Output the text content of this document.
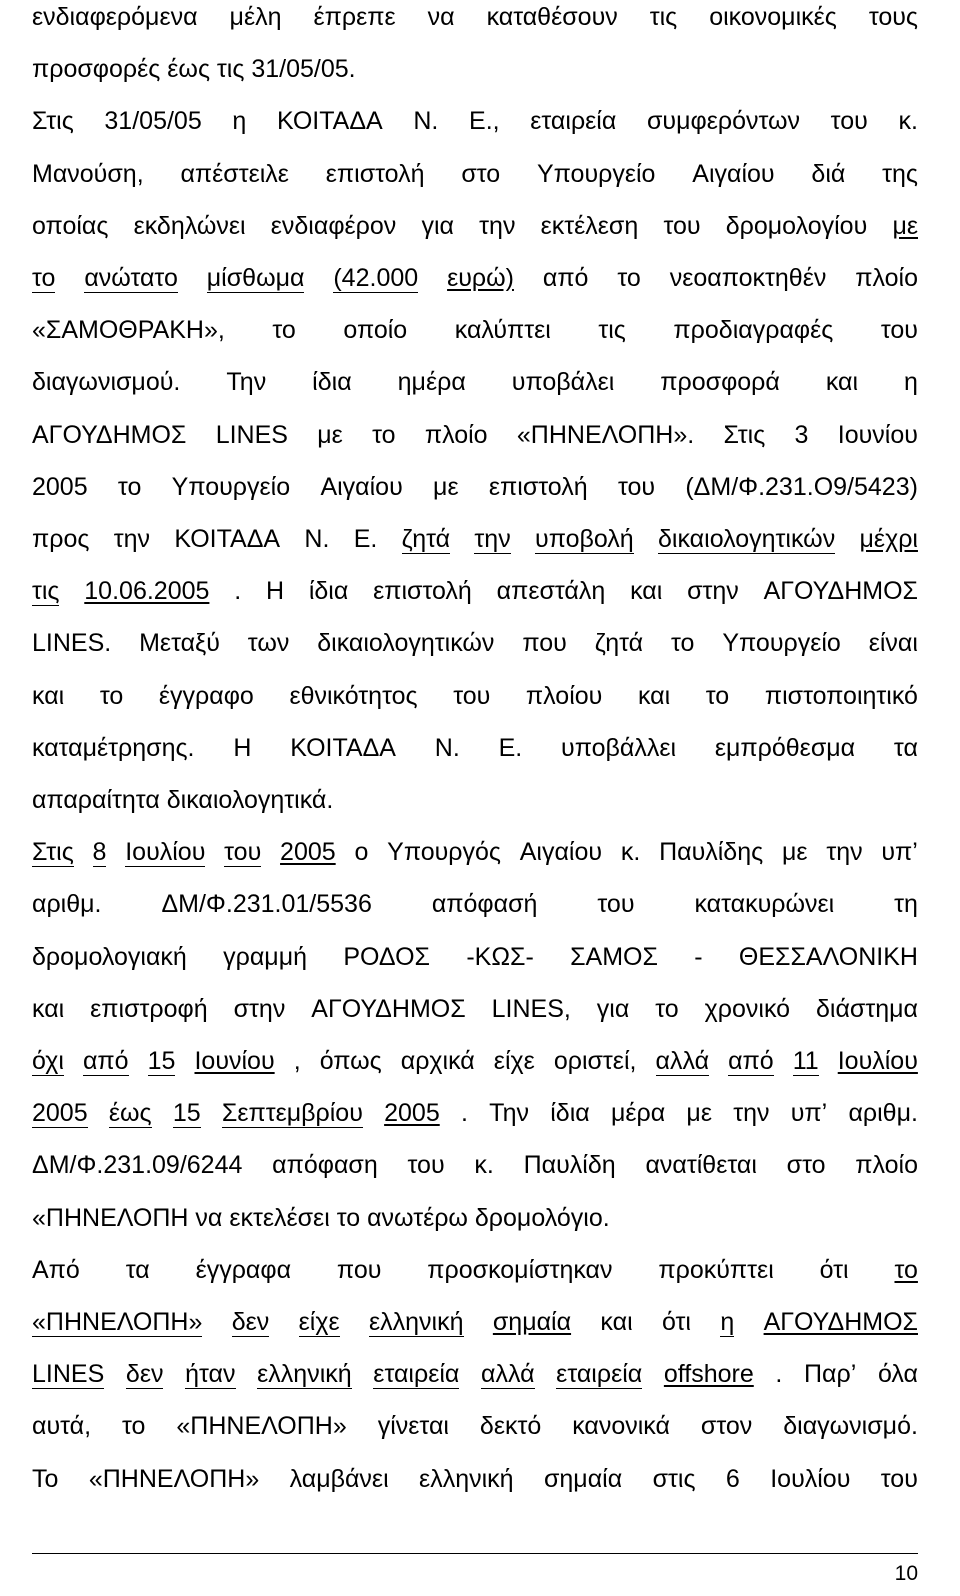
ενδιαφερόμενα μέλη έπρεπε να καταθέσουν τις οικονομικές τους
προσφορές έως τις 31/05/05.
Στις 31/05/05 η ΚΟΙΤΑΔΑ Ν. Ε., εταιρεία συμφερόντων του κ.
Μανούση, απέστειλε επιστολή στο Υπουργείο Αιγαίου διά της
οποίας εκδηλώνει ενδιαφέρον για την εκτέλεση του δρομολογίου με
το ανώτατο μίσθωμα (42.000 ευρώ) από το νεοαποκτηθέν πλοίο
«ΣΑΜΟΘΡΑΚΗ», το οποίο καλύπτει τις προδιαγραφές του
διαγωνισμού. Την ίδια ημέρα υποβάλει προσφορά και η
ΑΓΟΥΔΗΜΟΣ LINES με το πλοίο «ΠΗΝΕΛΟΠΗ». Στις 3 Ιουνίου
2005 το Υπουργείο Αιγαίου με επιστολή του (ΔΜ/Φ.231.Ο9/5423)
προς την ΚΟΙΤΑΔΑ Ν. Ε. ζητά την υποβολή δικαιολογητικών μέχρι
τις 10.06.2005 . Η ίδια επιστολή απεστάλη και στην ΑΓΟΥΔΗΜΟΣ
LINES. Μεταξύ των δικαιολογητικών που ζητά το Υπουργείο είναι
και το έγγραφο εθνικότητος του πλοίου και το πιστοποιητικό
καταμέτρησης. Η ΚΟΙΤΑΔΑ Ν. Ε. υποβάλλει εμπρόθεσμα τα
απαραίτητα δικαιολογητικά.
Στις 8 Ιουλίου του 2005 ο Υπουργός Αιγαίου κ. Παυλίδης με την υπ’
αριθμ. ΔΜ/Φ.231.01/5536 απόφασή του κατακυρώνει τη
δρομολογιακή γραμμή ΡΟΔΟΣ -ΚΩΣ- ΣΑΜΟΣ - ΘΕΣΣΑΛΟΝΙΚΗ
και επιστροφή στην ΑΓΟΥΔΗΜΟΣ LINES, για το χρονικό διάστημα
όχι από 15 Ιουνίου , όπως αρχικά είχε οριστεί, αλλά από 11 Ιουλίου
2005 έως 15 Σεπτεμβρίου 2005 . Την ίδια μέρα με την υπ’ αριθμ.
ΔΜ/Φ.231.09/6244 απόφαση του κ. Παυλίδη ανατίθεται στο πλοίο
«ΠΗΝΕΛΟΠΗ να εκτελέσει το ανωτέρω δρομολόγιο.
Από τα έγγραφα που προσκομίστηκαν προκύπτει ότι το
«ΠΗΝΕΛΟΠΗ» δεν είχε ελληνική σημαία και ότι η ΑΓΟΥΔΗΜΟΣ
LINES δεν ήταν ελληνική εταιρεία αλλά εταιρεία offshore . Παρ’ όλα
αυτά, το «ΠΗΝΕΛΟΠΗ» γίνεται δεκτό κανονικά στον διαγωνισμό.
Το «ΠΗΝΕΛΟΠΗ» λαμβάνει ελληνική σημαία στις 6 Ιουλίου του
10
